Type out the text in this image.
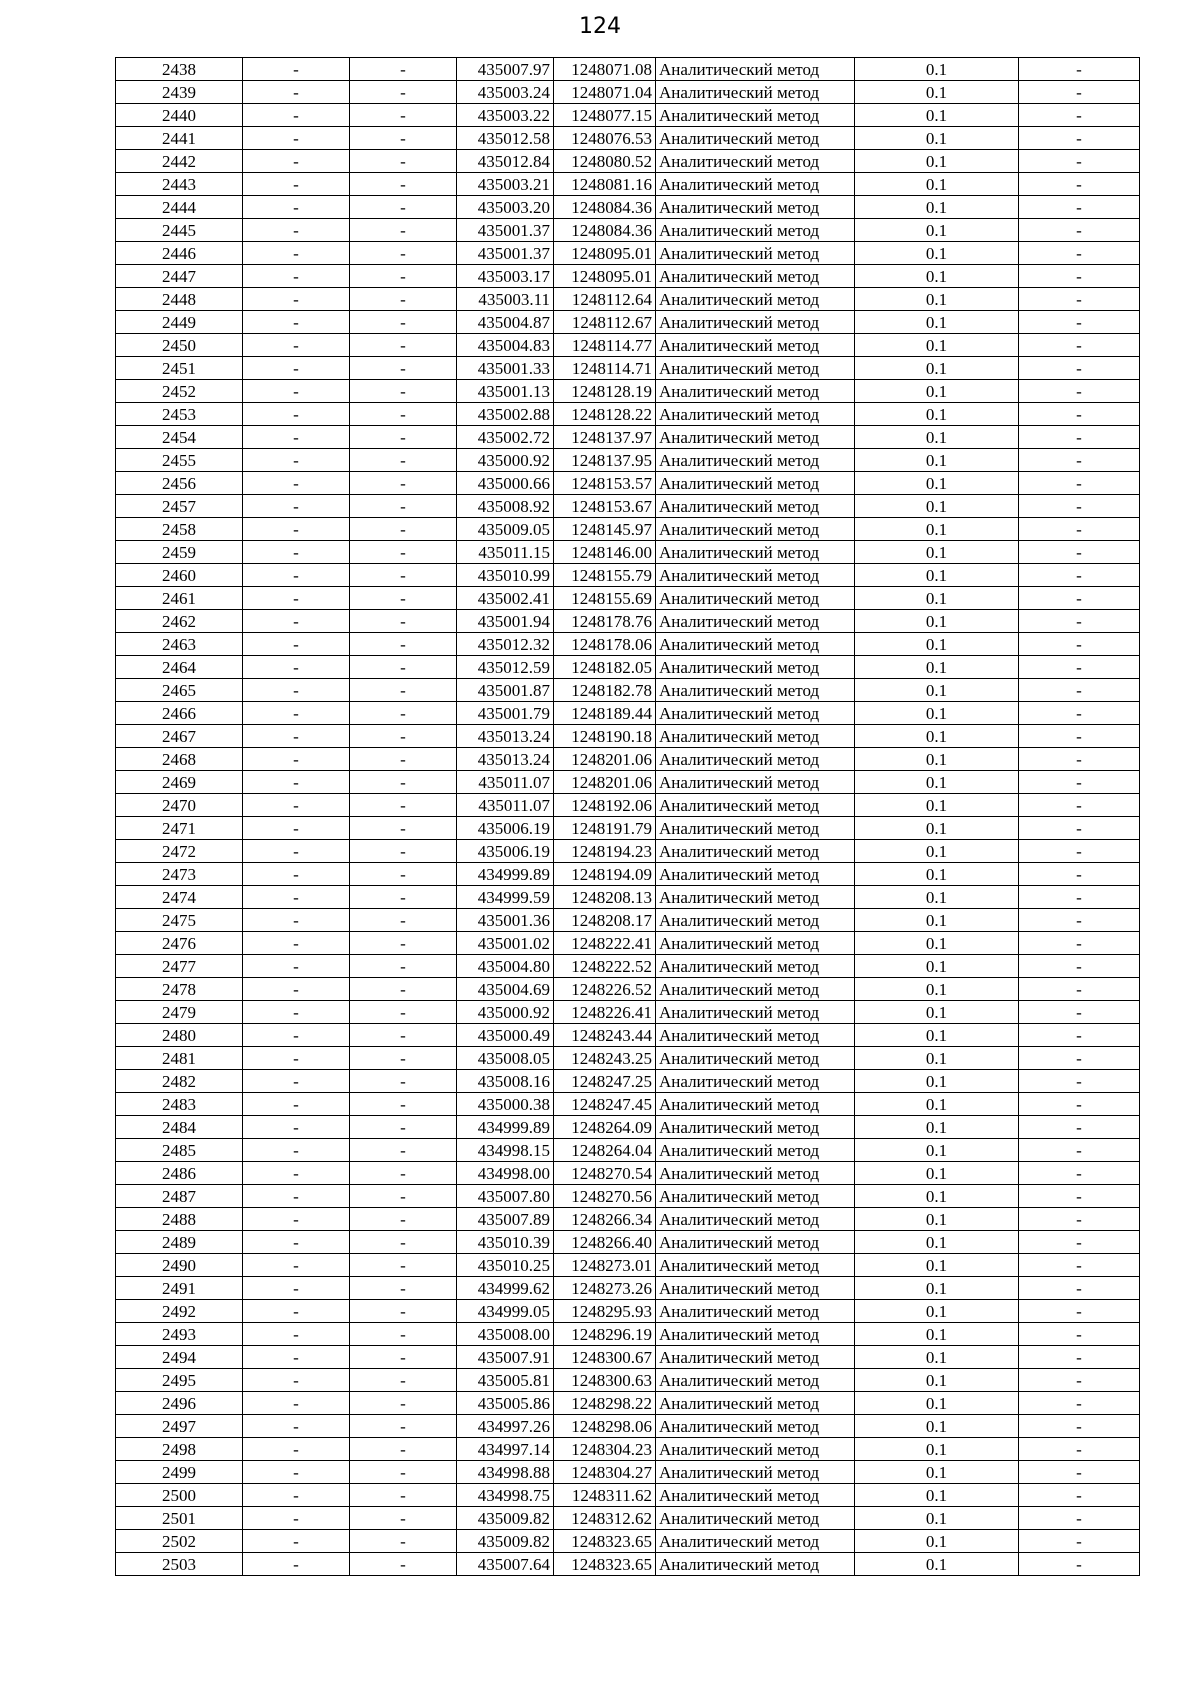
124
2438	-	-	435007.97	1248071.08	Аналитический метод	0.1	-
2439	-	-	435003.24	1248071.04	Аналитический метод	0.1	-
2440	-	-	435003.22	1248077.15	Аналитический метод	0.1	-
2441	-	-	435012.58	1248076.53	Аналитический метод	0.1	-
2442	-	-	435012.84	1248080.52	Аналитический метод	0.1	-
2443	-	-	435003.21	1248081.16	Аналитический метод	0.1	-
2444	-	-	435003.20	1248084.36	Аналитический метод	0.1	-
2445	-	-	435001.37	1248084.36	Аналитический метод	0.1	-
2446	-	-	435001.37	1248095.01	Аналитический метод	0.1	-
2447	-	-	435003.17	1248095.01	Аналитический метод	0.1	-
2448	-	-	435003.11	1248112.64	Аналитический метод	0.1	-
2449	-	-	435004.87	1248112.67	Аналитический метод	0.1	-
2450	-	-	435004.83	1248114.77	Аналитический метод	0.1	-
2451	-	-	435001.33	1248114.71	Аналитический метод	0.1	-
2452	-	-	435001.13	1248128.19	Аналитический метод	0.1	-
2453	-	-	435002.88	1248128.22	Аналитический метод	0.1	-
2454	-	-	435002.72	1248137.97	Аналитический метод	0.1	-
2455	-	-	435000.92	1248137.95	Аналитический метод	0.1	-
2456	-	-	435000.66	1248153.57	Аналитический метод	0.1	-
2457	-	-	435008.92	1248153.67	Аналитический метод	0.1	-
2458	-	-	435009.05	1248145.97	Аналитический метод	0.1	-
2459	-	-	435011.15	1248146.00	Аналитический метод	0.1	-
2460	-	-	435010.99	1248155.79	Аналитический метод	0.1	-
2461	-	-	435002.41	1248155.69	Аналитический метод	0.1	-
2462	-	-	435001.94	1248178.76	Аналитический метод	0.1	-
2463	-	-	435012.32	1248178.06	Аналитический метод	0.1	-
2464	-	-	435012.59	1248182.05	Аналитический метод	0.1	-
2465	-	-	435001.87	1248182.78	Аналитический метод	0.1	-
2466	-	-	435001.79	1248189.44	Аналитический метод	0.1	-
2467	-	-	435013.24	1248190.18	Аналитический метод	0.1	-
2468	-	-	435013.24	1248201.06	Аналитический метод	0.1	-
2469	-	-	435011.07	1248201.06	Аналитический метод	0.1	-
2470	-	-	435011.07	1248192.06	Аналитический метод	0.1	-
2471	-	-	435006.19	1248191.79	Аналитический метод	0.1	-
2472	-	-	435006.19	1248194.23	Аналитический метод	0.1	-
2473	-	-	434999.89	1248194.09	Аналитический метод	0.1	-
2474	-	-	434999.59	1248208.13	Аналитический метод	0.1	-
2475	-	-	435001.36	1248208.17	Аналитический метод	0.1	-
2476	-	-	435001.02	1248222.41	Аналитический метод	0.1	-
2477	-	-	435004.80	1248222.52	Аналитический метод	0.1	-
2478	-	-	435004.69	1248226.52	Аналитический метод	0.1	-
2479	-	-	435000.92	1248226.41	Аналитический метод	0.1	-
2480	-	-	435000.49	1248243.44	Аналитический метод	0.1	-
2481	-	-	435008.05	1248243.25	Аналитический метод	0.1	-
2482	-	-	435008.16	1248247.25	Аналитический метод	0.1	-
2483	-	-	435000.38	1248247.45	Аналитический метод	0.1	-
2484	-	-	434999.89	1248264.09	Аналитический метод	0.1	-
2485	-	-	434998.15	1248264.04	Аналитический метод	0.1	-
2486	-	-	434998.00	1248270.54	Аналитический метод	0.1	-
2487	-	-	435007.80	1248270.56	Аналитический метод	0.1	-
2488	-	-	435007.89	1248266.34	Аналитический метод	0.1	-
2489	-	-	435010.39	1248266.40	Аналитический метод	0.1	-
2490	-	-	435010.25	1248273.01	Аналитический метод	0.1	-
2491	-	-	434999.62	1248273.26	Аналитический метод	0.1	-
2492	-	-	434999.05	1248295.93	Аналитический метод	0.1	-
2493	-	-	435008.00	1248296.19	Аналитический метод	0.1	-
2494	-	-	435007.91	1248300.67	Аналитический метод	0.1	-
2495	-	-	435005.81	1248300.63	Аналитический метод	0.1	-
2496	-	-	435005.86	1248298.22	Аналитический метод	0.1	-
2497	-	-	434997.26	1248298.06	Аналитический метод	0.1	-
2498	-	-	434997.14	1248304.23	Аналитический метод	0.1	-
2499	-	-	434998.88	1248304.27	Аналитический метод	0.1	-
2500	-	-	434998.75	1248311.62	Аналитический метод	0.1	-
2501	-	-	435009.82	1248312.62	Аналитический метод	0.1	-
2502	-	-	435009.82	1248323.65	Аналитический метод	0.1	-
2503	-	-	435007.64	1248323.65	Аналитический метод	0.1	-
